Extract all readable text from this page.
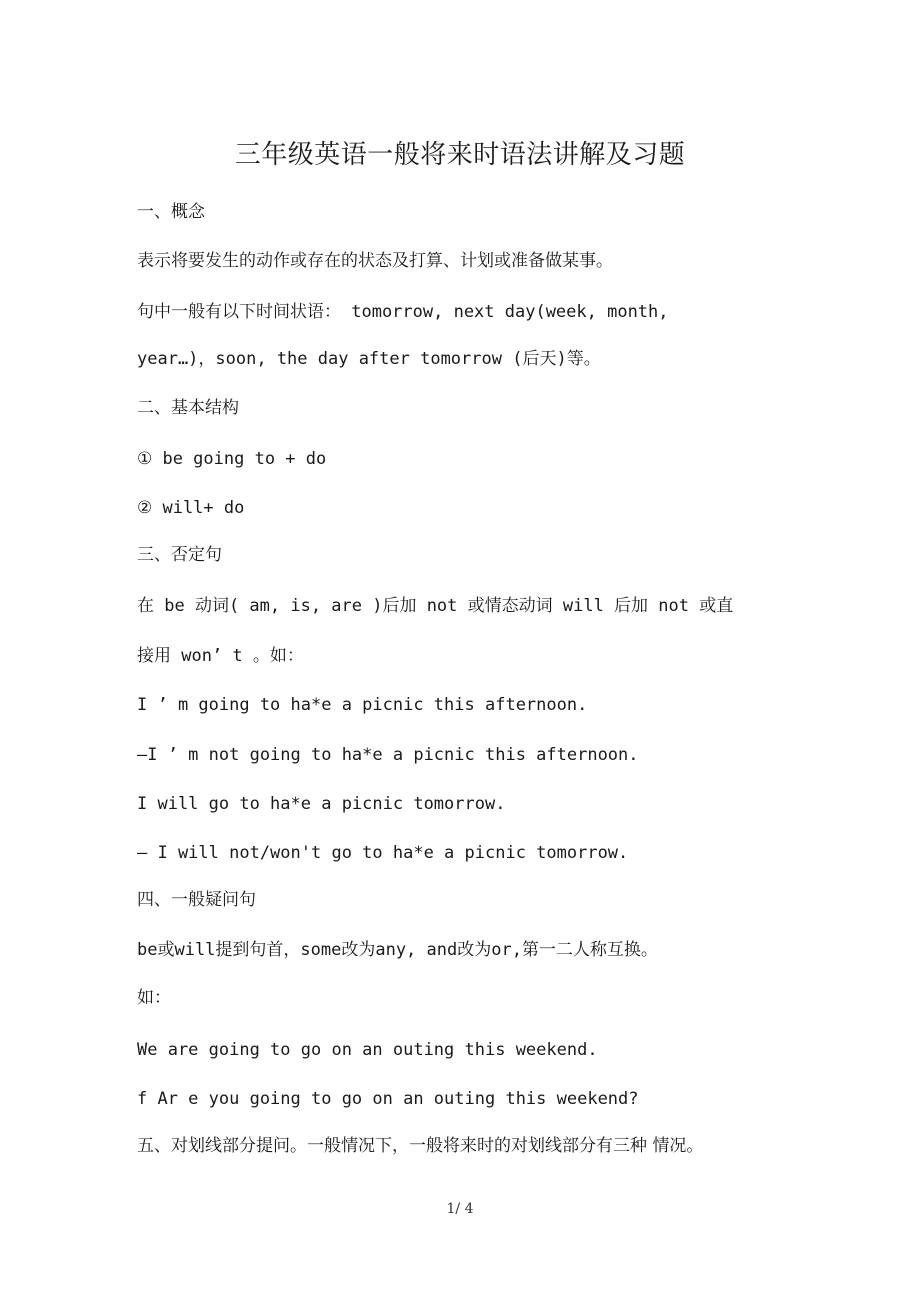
三年级英语一般将来时语法讲解及习题
一、概念
表示将要发生的动作或存在的状态及打算、计划或准备做某事。
句中一般有以下时间状语： tomorrow, next day(week, month,
year…)，soon, the day after tomorrow (后天)等。
二、基本结构
① be going to + do
② will+ do
三、否定句
在 be 动词( am, is, are )后加 not 或情态动词 will 后加 not 或直
接用 won’ t 。如：
I ’ m going to ha*e a picnic this afternoon.
—I ’ m not going to ha*e a picnic this afternoon.
I will go to ha*e a picnic tomorrow.
— I will not/won't go to ha*e a picnic tomorrow.
四、一般疑问句
be或will提到句首，some改为any, and改为or,第一二人称互换。
如：
We are going to go on an outing this weekend.
f Ar e you going to go on an outing this weekend?
五、对划线部分提问。一般情况下，一般将来时的对划线部分有三种 情况。
1/ 4
